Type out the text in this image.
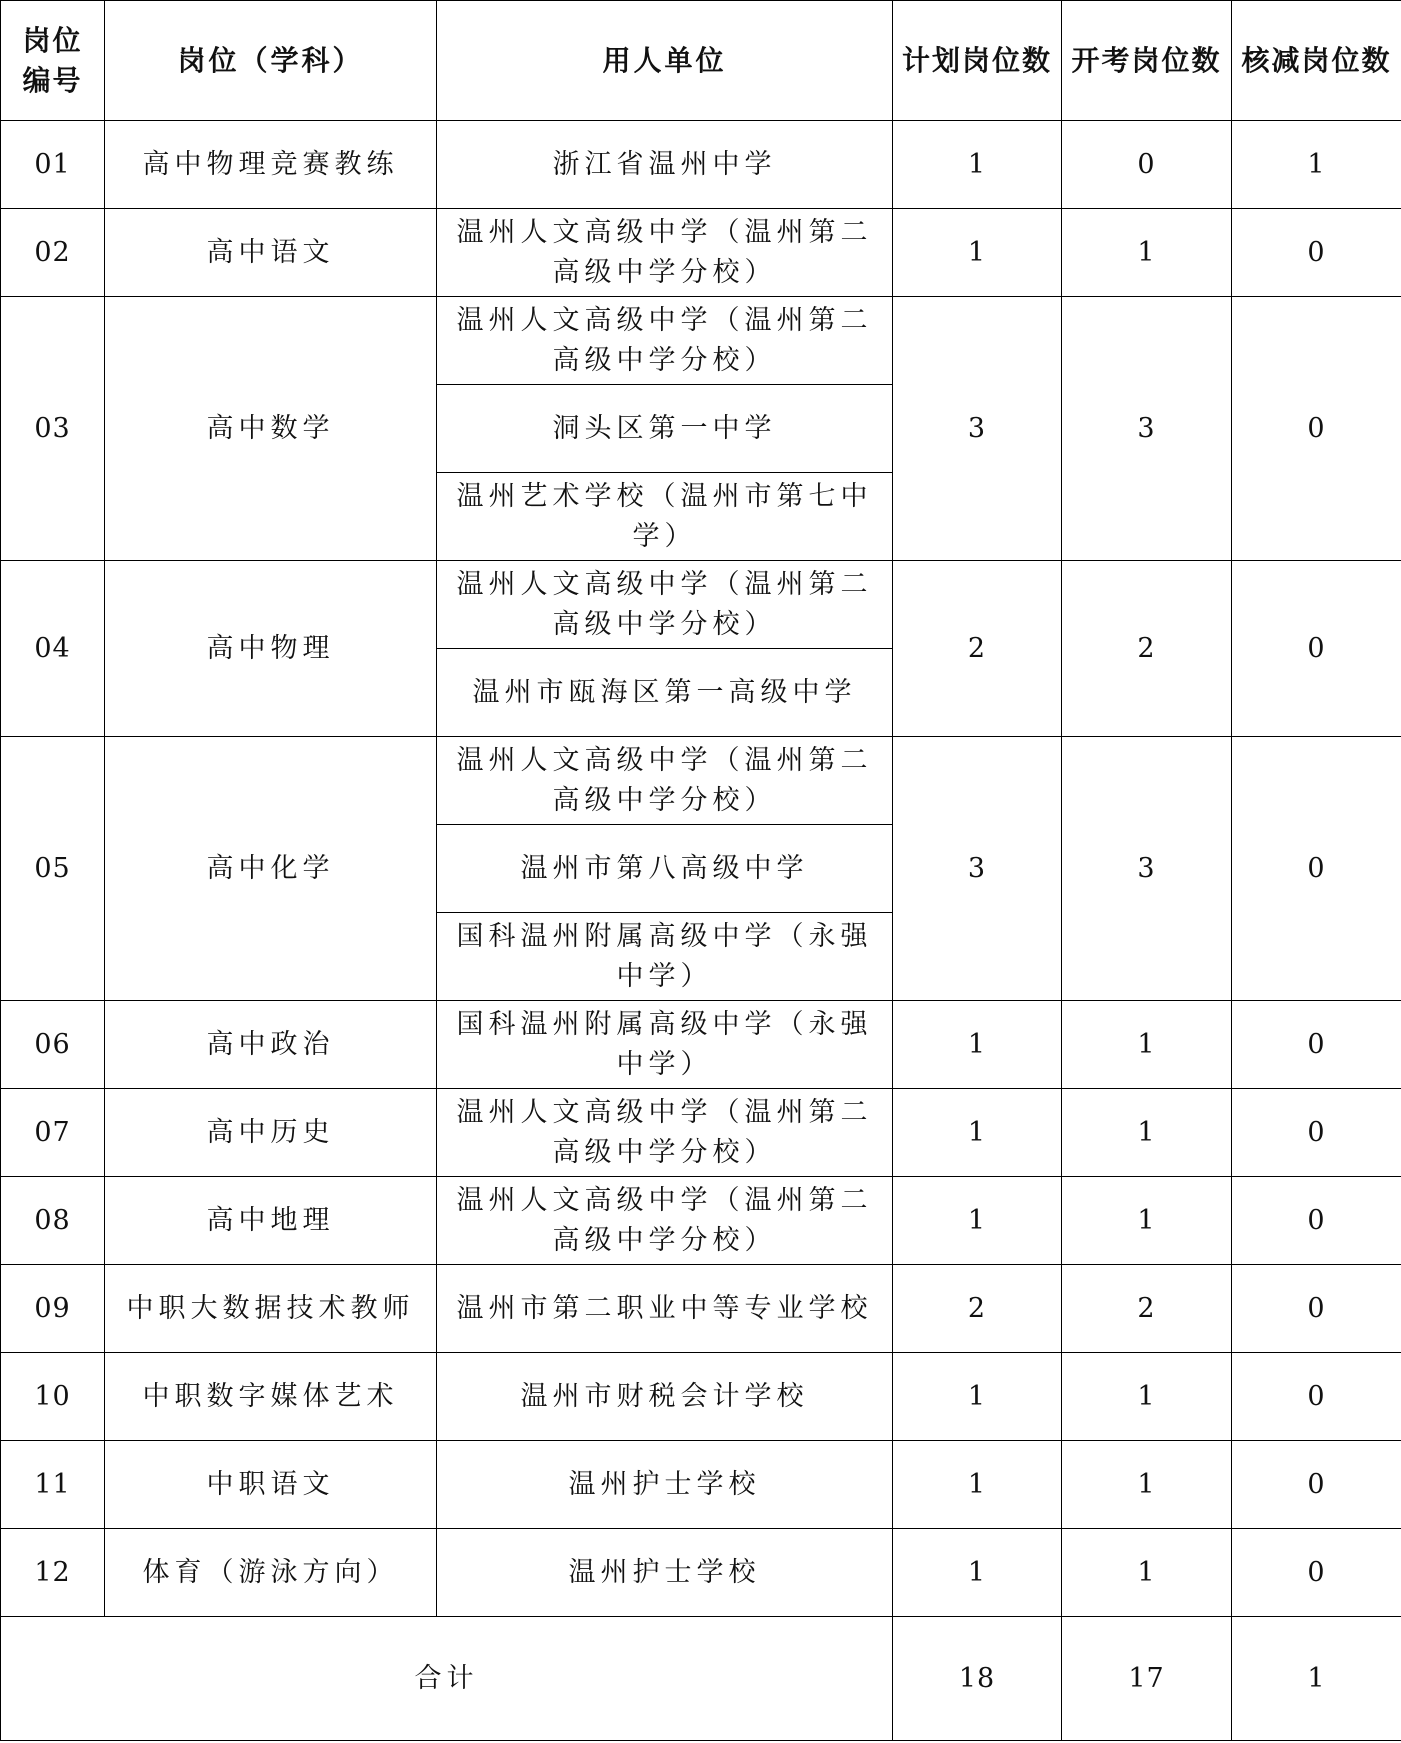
岗位
编号	岗位（学科）	用人单位	计划岗位数	开考岗位数	核减岗位数
01	高中物理竞赛教练	浙江省温州中学	1	0	1
02	高中语文	温州人文高级中学（温州第二高级中学分校）	1	1	0
03	高中数学	温州人文高级中学（温州第二高级中学分校）	3	3	0
		洞头区第一中学			
		温州艺术学校（温州市第七中学）			
04	高中物理	温州人文高级中学（温州第二高级中学分校）	2	2	0
		温州市瓯海区第一高级中学			
05	高中化学	温州人文高级中学（温州第二高级中学分校）	3	3	0
		温州市第八高级中学			
		国科温州附属高级中学（永强中学）			
06	高中政治	国科温州附属高级中学（永强中学）	1	1	0
07	高中历史	温州人文高级中学（温州第二高级中学分校）	1	1	0
08	高中地理	温州人文高级中学（温州第二高级中学分校）	1	1	0
09	中职大数据技术教师	温州市第二职业中等专业学校	2	2	0
10	中职数字媒体艺术	温州市财税会计学校	1	1	0
11	中职语文	温州护士学校	1	1	0
12	体育（游泳方向）	温州护士学校	1	1	0
合计			18	17	1
